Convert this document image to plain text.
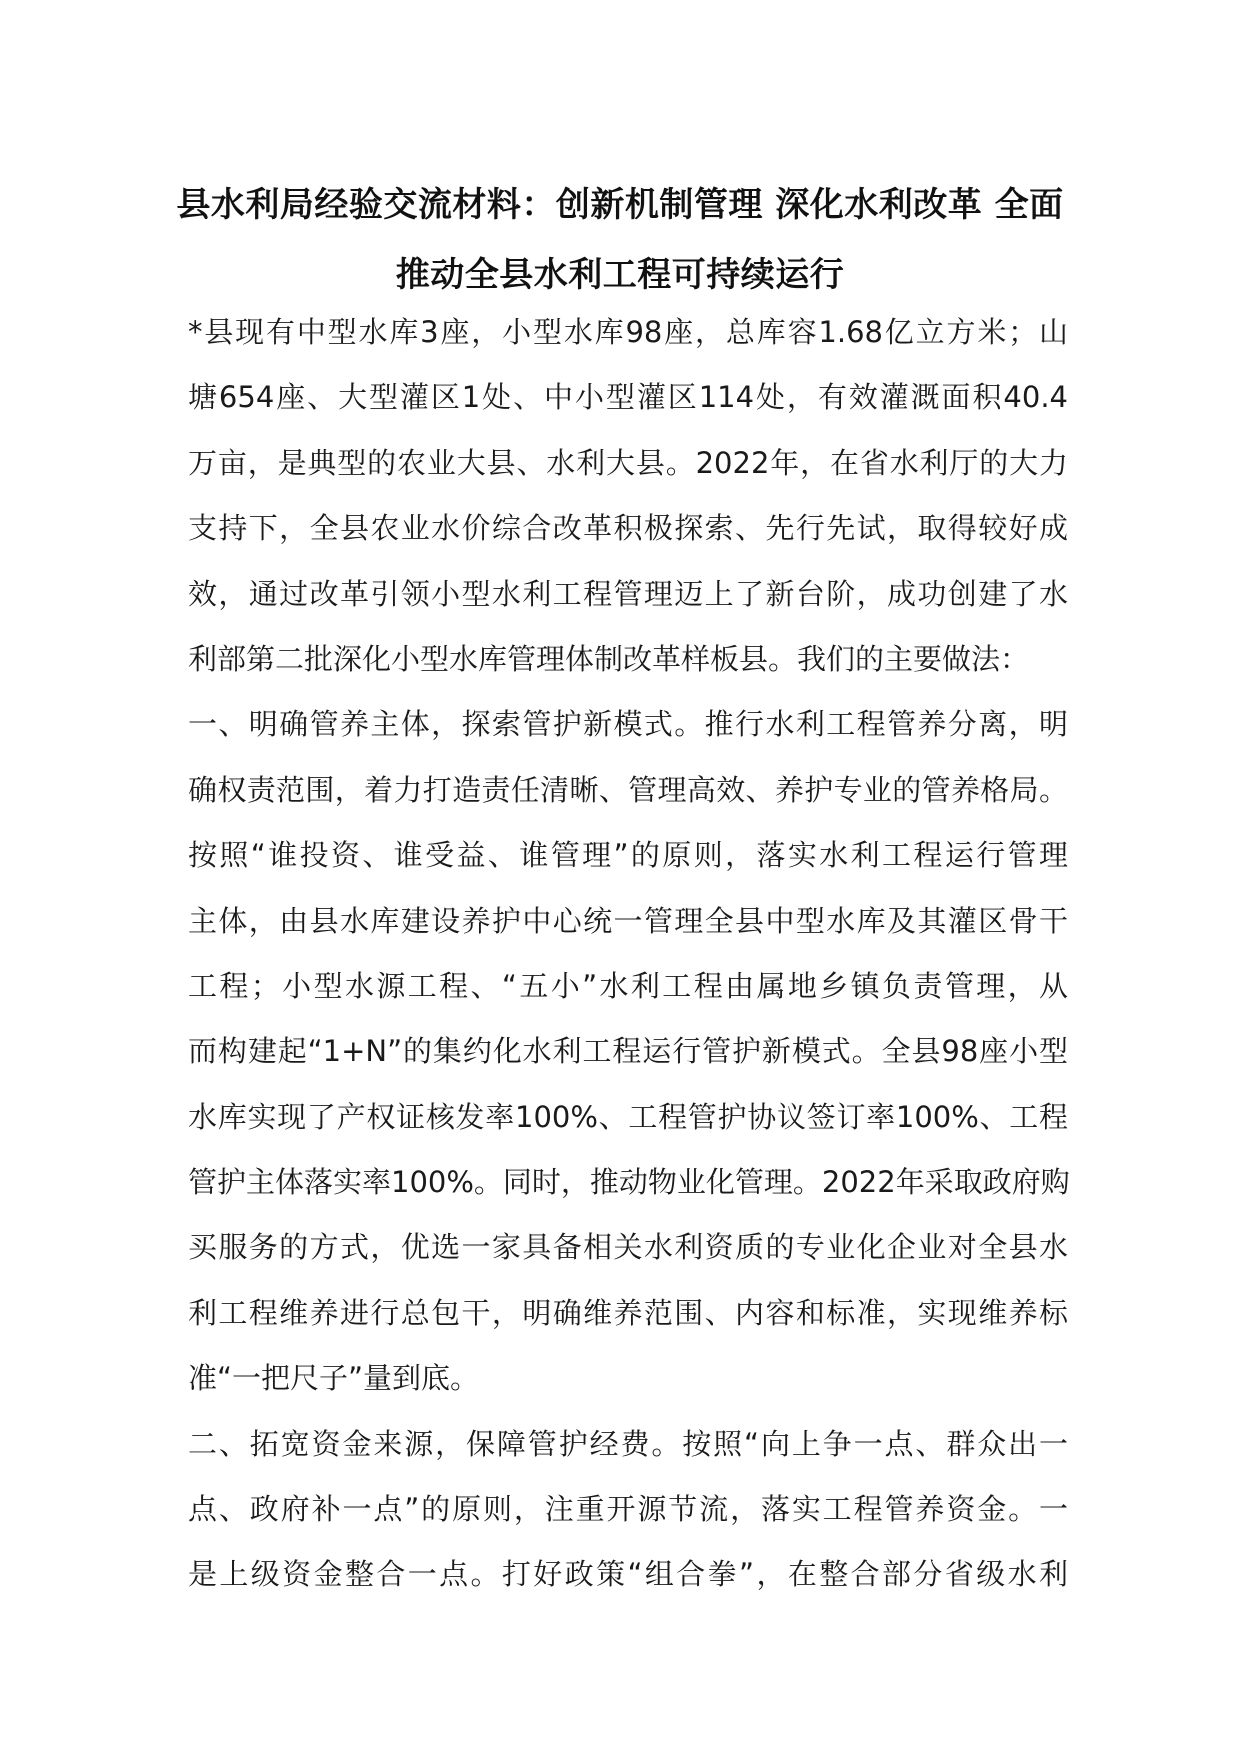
县水利局经验交流材料：创新机制管理 深化水利改革 全面
推动全县水利工程可持续运行
*县现有中型水库3座，小型水库98座，总库容1.68亿立方米；山
塘654座、大型灌区1处、中小型灌区114处，有效灌溉面积40.4
万亩，是典型的农业大县、水利大县。2022年，在省水利厅的大力
支持下，全县农业水价综合改革积极探索、先行先试，取得较好成
效，通过改革引领小型水利工程管理迈上了新台阶，成功创建了水
利部第二批深化小型水库管理体制改革样板县。我们的主要做法：
一、明确管养主体，探索管护新模式。推行水利工程管养分离，明
确权责范围，着力打造责任清晰、管理高效、养护专业的管养格局。
按照“谁投资、谁受益、谁管理”的原则，落实水利工程运行管理
主体，由县水库建设养护中心统一管理全县中型水库及其灌区骨干
工程；小型水源工程、“五小”水利工程由属地乡镇负责管理，从
而构建起“1+N”的集约化水利工程运行管护新模式。全县98座小型
水库实现了产权证核发率100%、工程管护协议签订率100%、工程
管护主体落实率100%。同时，推动物业化管理。2022年采取政府购
买服务的方式，优选一家具备相关水利资质的专业化企业对全县水
利工程维养进行总包干，明确维养范围、内容和标准，实现维养标
准“一把尺子”量到底。
二、拓宽资金来源，保障管护经费。按照“向上争一点、群众出一
点、政府补一点”的原则，注重开源节流，落实工程管养资金。一
是上级资金整合一点。打好政策“组合拳”，在整合部分省级水利
